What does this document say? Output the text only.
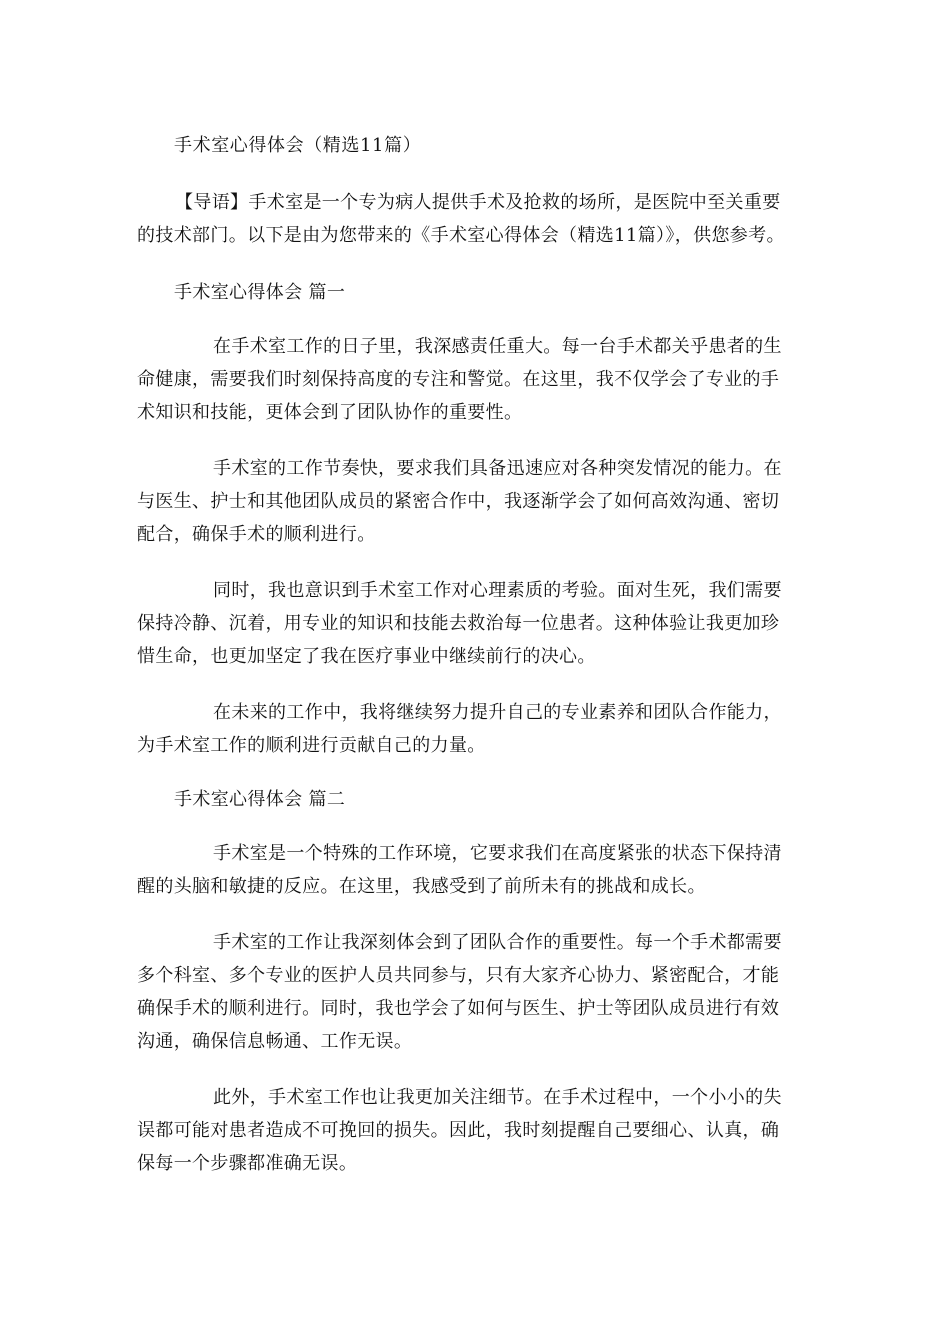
手术室心得体会（精选11篇）
【导语】手术室是一个专为病人提供手术及抢救的场所，是医院中至关重要
的技术部门。以下是由为您带来的《手术室心得体会（精选11篇）》，供您参考。
手术室心得体会 篇一
在手术室工作的日子里，我深感责任重大。每一台手术都关乎患者的生
命健康，需要我们时刻保持高度的专注和警觉。在这里，我不仅学会了专业的手
术知识和技能，更体会到了团队协作的重要性。
手术室的工作节奏快，要求我们具备迅速应对各种突发情况的能力。在
与医生、护士和其他团队成员的紧密合作中，我逐渐学会了如何高效沟通、密切
配合，确保手术的顺利进行。
同时，我也意识到手术室工作对心理素质的考验。面对生死，我们需要
保持冷静、沉着，用专业的知识和技能去救治每一位患者。这种体验让我更加珍
惜生命，也更加坚定了我在医疗事业中继续前行的决心。
在未来的工作中，我将继续努力提升自己的专业素养和团队合作能力，
为手术室工作的顺利进行贡献自己的力量。
手术室心得体会 篇二
手术室是一个特殊的工作环境，它要求我们在高度紧张的状态下保持清
醒的头脑和敏捷的反应。在这里，我感受到了前所未有的挑战和成长。
手术室的工作让我深刻体会到了团队合作的重要性。每一个手术都需要
多个科室、多个专业的医护人员共同参与，只有大家齐心协力、紧密配合，才能
确保手术的顺利进行。同时，我也学会了如何与医生、护士等团队成员进行有效
沟通，确保信息畅通、工作无误。
此外，手术室工作也让我更加关注细节。在手术过程中，一个小小的失
误都可能对患者造成不可挽回的损失。因此，我时刻提醒自己要细心、认真，确
保每一个步骤都准确无误。
